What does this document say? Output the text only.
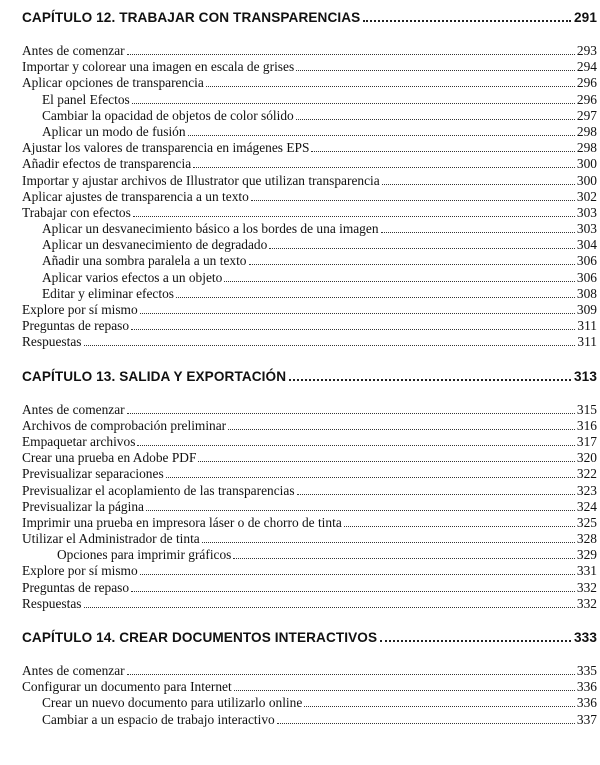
CAPÍTULO 12. TRABAJAR CON TRANSPARENCIAS	291
Antes de comenzar	293
Importar y colorear una imagen en escala de grises	294
Aplicar opciones de transparencia	296
El panel Efectos	296
Cambiar la opacidad de objetos de color sólido	297
Aplicar un modo de fusión	298
Ajustar los valores de transparencia en imágenes EPS	298
Añadir efectos de transparencia	300
Importar y ajustar archivos de Illustrator que utilizan transparencia	300
Aplicar ajustes de transparencia a un texto	302
Trabajar con efectos	303
Aplicar un desvanecimiento básico a los bordes de una imagen	303
Aplicar un desvanecimiento de degradado	304
Añadir una sombra paralela a un texto	306
Aplicar varios efectos a un objeto	306
Editar y eliminar efectos	308
Explore por sí mismo	309
Preguntas de repaso	311
Respuestas	311
CAPÍTULO 13. SALIDA Y EXPORTACIÓN	313
Antes de comenzar	315
Archivos de comprobación preliminar	316
Empaquetar archivos	317
Crear una prueba en Adobe PDF	320
Previsualizar separaciones	322
Previsualizar el acoplamiento de las transparencias	323
Previsualizar la página	324
Imprimir una prueba en impresora láser o de chorro de tinta	325
Utilizar el Administrador de tinta	328
Opciones para imprimir gráficos	329
Explore por sí mismo	331
Preguntas de repaso	332
Respuestas	332
CAPÍTULO 14. CREAR DOCUMENTOS INTERACTIVOS	333
Antes de comenzar	335
Configurar un documento para Internet	336
Crear un nuevo documento para utilizarlo online	336
Cambiar a un espacio de trabajo interactivo	337
